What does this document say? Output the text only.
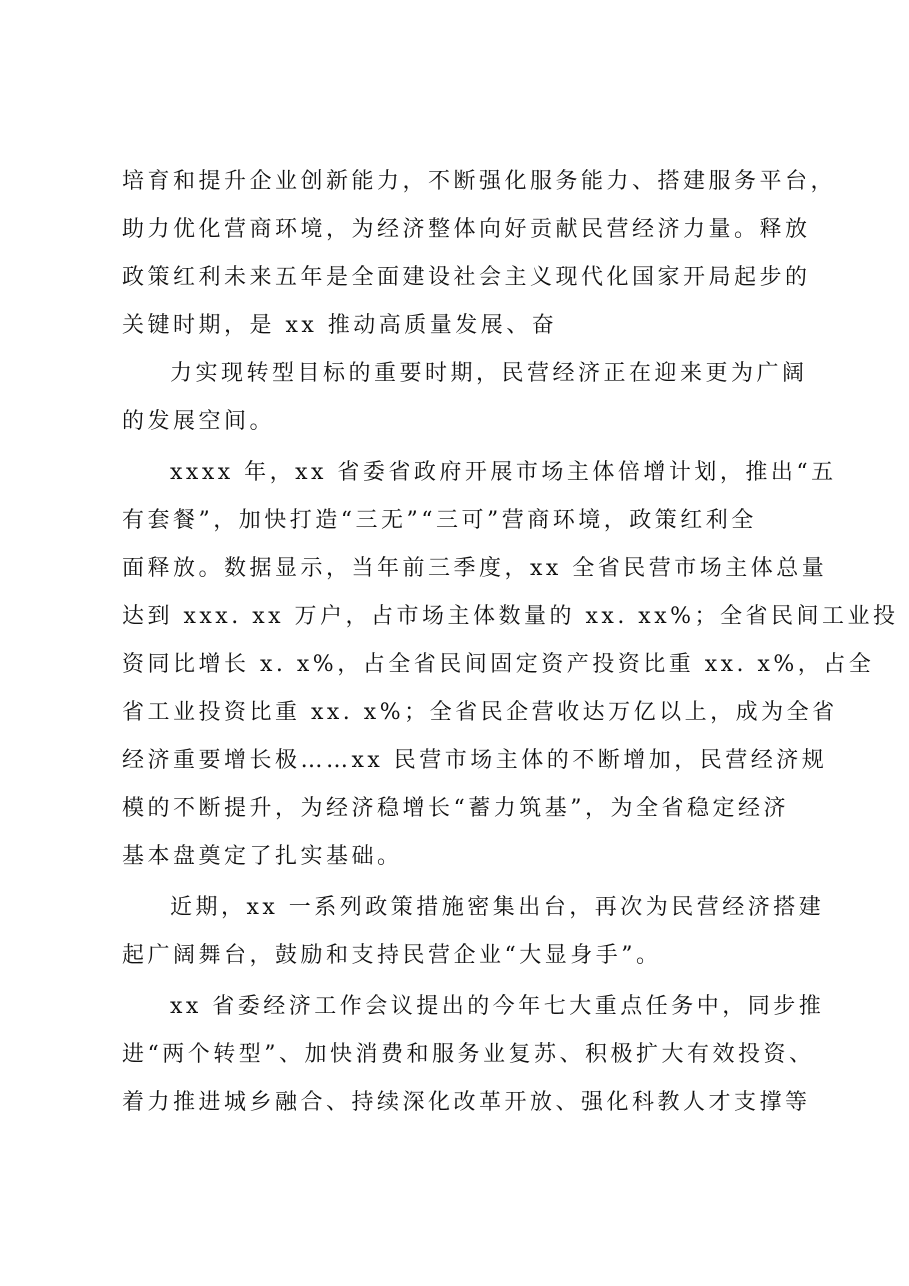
培育和提升企业创新能力，不断强化服务能力、搭建服务平台，
助力优化营商环境，为经济整体向好贡献民营经济力量。释放
政策红利未来五年是全面建设社会主义现代化国家开局起步的
关键时期，是 xx 推动高质量发展、奋
力实现转型目标的重要时期，民营经济正在迎来更为广阔
的发展空间。
xxxx 年，xx 省委省政府开展市场主体倍增计划，推出“五
有套餐”，加快打造“三无”“三可”营商环境，政策红利全
面释放。数据显示，当年前三季度，xx 全省民营市场主体总量
达到 xxx. xx 万户，占市场主体数量的 xx. xx%；全省民间工业投
资同比增长 x. x%，占全省民间固定资产投资比重 xx. x%，占全
省工业投资比重 xx. x%；全省民企营收达万亿以上，成为全省
经济重要增长极……xx 民营市场主体的不断增加，民营经济规
模的不断提升，为经济稳增长“蓄力筑基”，为全省稳定经济
基本盘奠定了扎实基础。
近期，xx 一系列政策措施密集出台，再次为民营经济搭建
起广阔舞台，鼓励和支持民营企业“大显身手”。
xx 省委经济工作会议提出的今年七大重点任务中，同步推
进“两个转型”、加快消费和服务业复苏、积极扩大有效投资、
着力推进城乡融合、持续深化改革开放、强化科教人才支撑等
